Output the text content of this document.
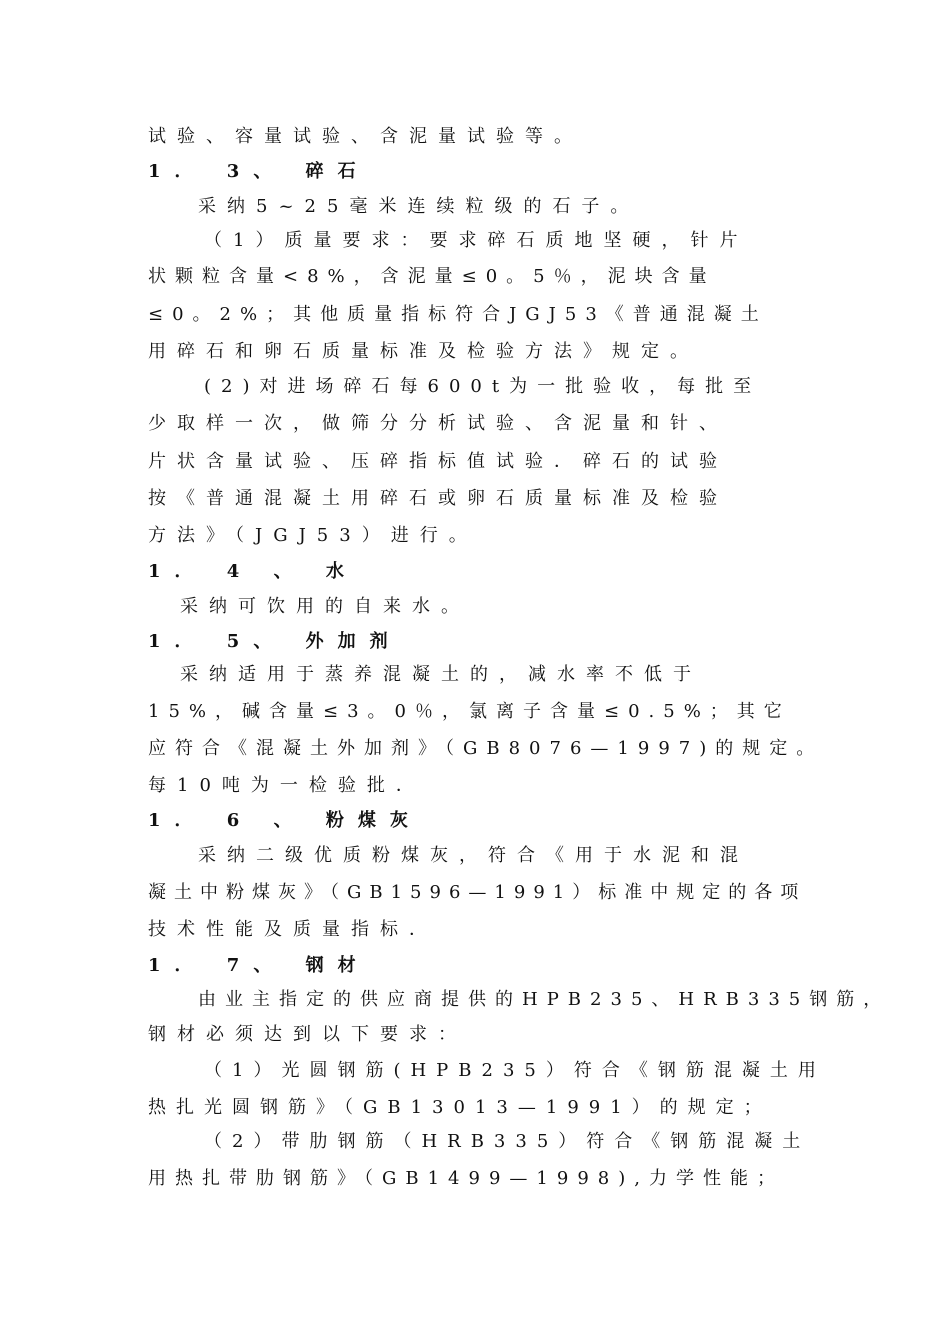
试验、容量试验、含泥量试验等。

1． 3、 碎石

采纳5~25毫米连续粒级的石子。

（1）质量要求：要求碎石质地坚硬，针片

状颗粒含量<8%，含泥量≤0。5％，泥块含量

≤0。2%；其他质量指标符合JGJ53《普通混凝土

用碎石和卵石质量标准及检验方法》规定。

(2)对进场碎石每600t为一批验收，每批至

少取样一次，做筛分分析试验、含泥量和针、

片状含量试验、压碎指标值试验．碎石的试验

按《普通混凝土用碎石或卵石质量标准及检验

方法》（JGJ53）进行。

1． 4 、 水

采纳可饮用的自来水。

1． 5、 外加剂

采纳适用于蒸养混凝土的，减水率不低于

15%，碱含量≤3。0％，氯离子含量≤0.5%；其它

应符合《混凝土外加剂》（GB8076—1997)的规定。

每10吨为一检验批．

1． 6 、 粉煤灰

采纳二级优质粉煤灰，符合《用于水泥和混

凝土中粉煤灰》（GB1596—1991）标准中规定的各项

技术性能及质量指标．

1． 7、 钢材

由业主指定的供应商提供的HPB235、HRB335钢筋，

钢材必须达到以下要求：

（1）光圆钢筋(HPB235）符合《钢筋混凝土用

热扎光圆钢筋》（GB13013—1991）的规定；

（2）带肋钢筋（HRB335）符合《钢筋混凝土

用热扎带肋钢筋》（GB1499—1998),力学性能；
